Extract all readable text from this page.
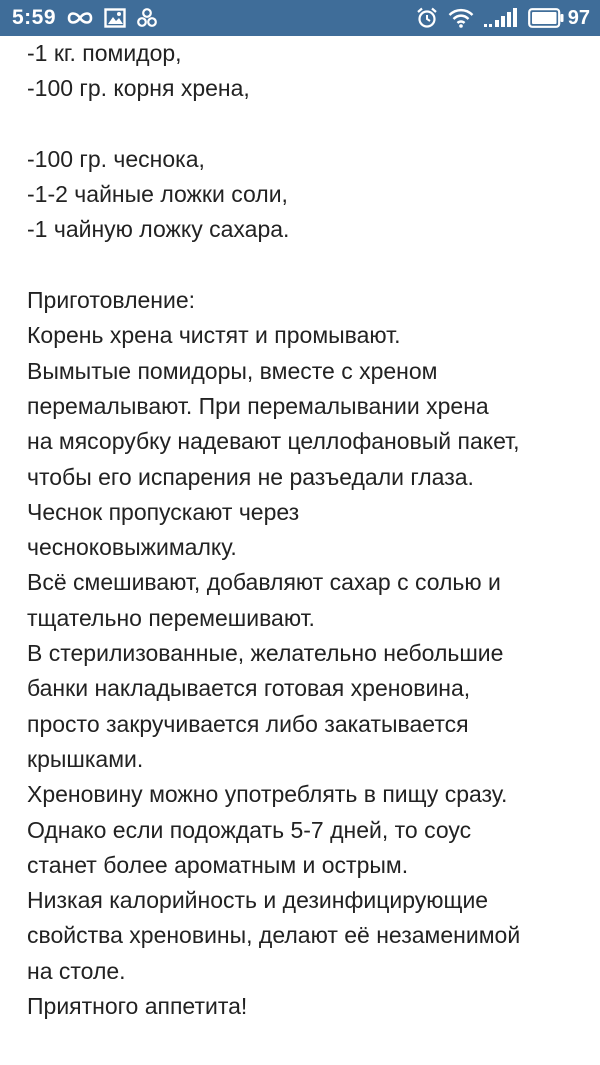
5:59	97
-1 кг. помидор,
-100 гр. корня хрена,
-100 гр. чеснока,
-1-2 чайные ложки соли,
-1 чайную ложку сахара.
Приготовление:
Корень хрена чистят и промывают.
Вымытые помидоры, вместе с хреном
перемалывают. При перемалывании хрена
на мясорубку надевают целлофановый пакет,
чтобы его испарения не разъедали глаза.
Чеснок пропускают через
чесноковыжималку.
Всё смешивают, добавляют сахар с солью и
тщательно перемешивают.
В стерилизованные, желательно небольшие
банки накладывается готовая хреновина,
просто закручивается либо закатывается
крышками.
Хреновину можно употреблять в пищу сразу.
Однако если подождать 5-7 дней, то соус
станет более ароматным и острым.
Низкая калорийность и дезинфицирующие
свойства хреновины, делают её незаменимой
на столе.
Приятного аппетита!
